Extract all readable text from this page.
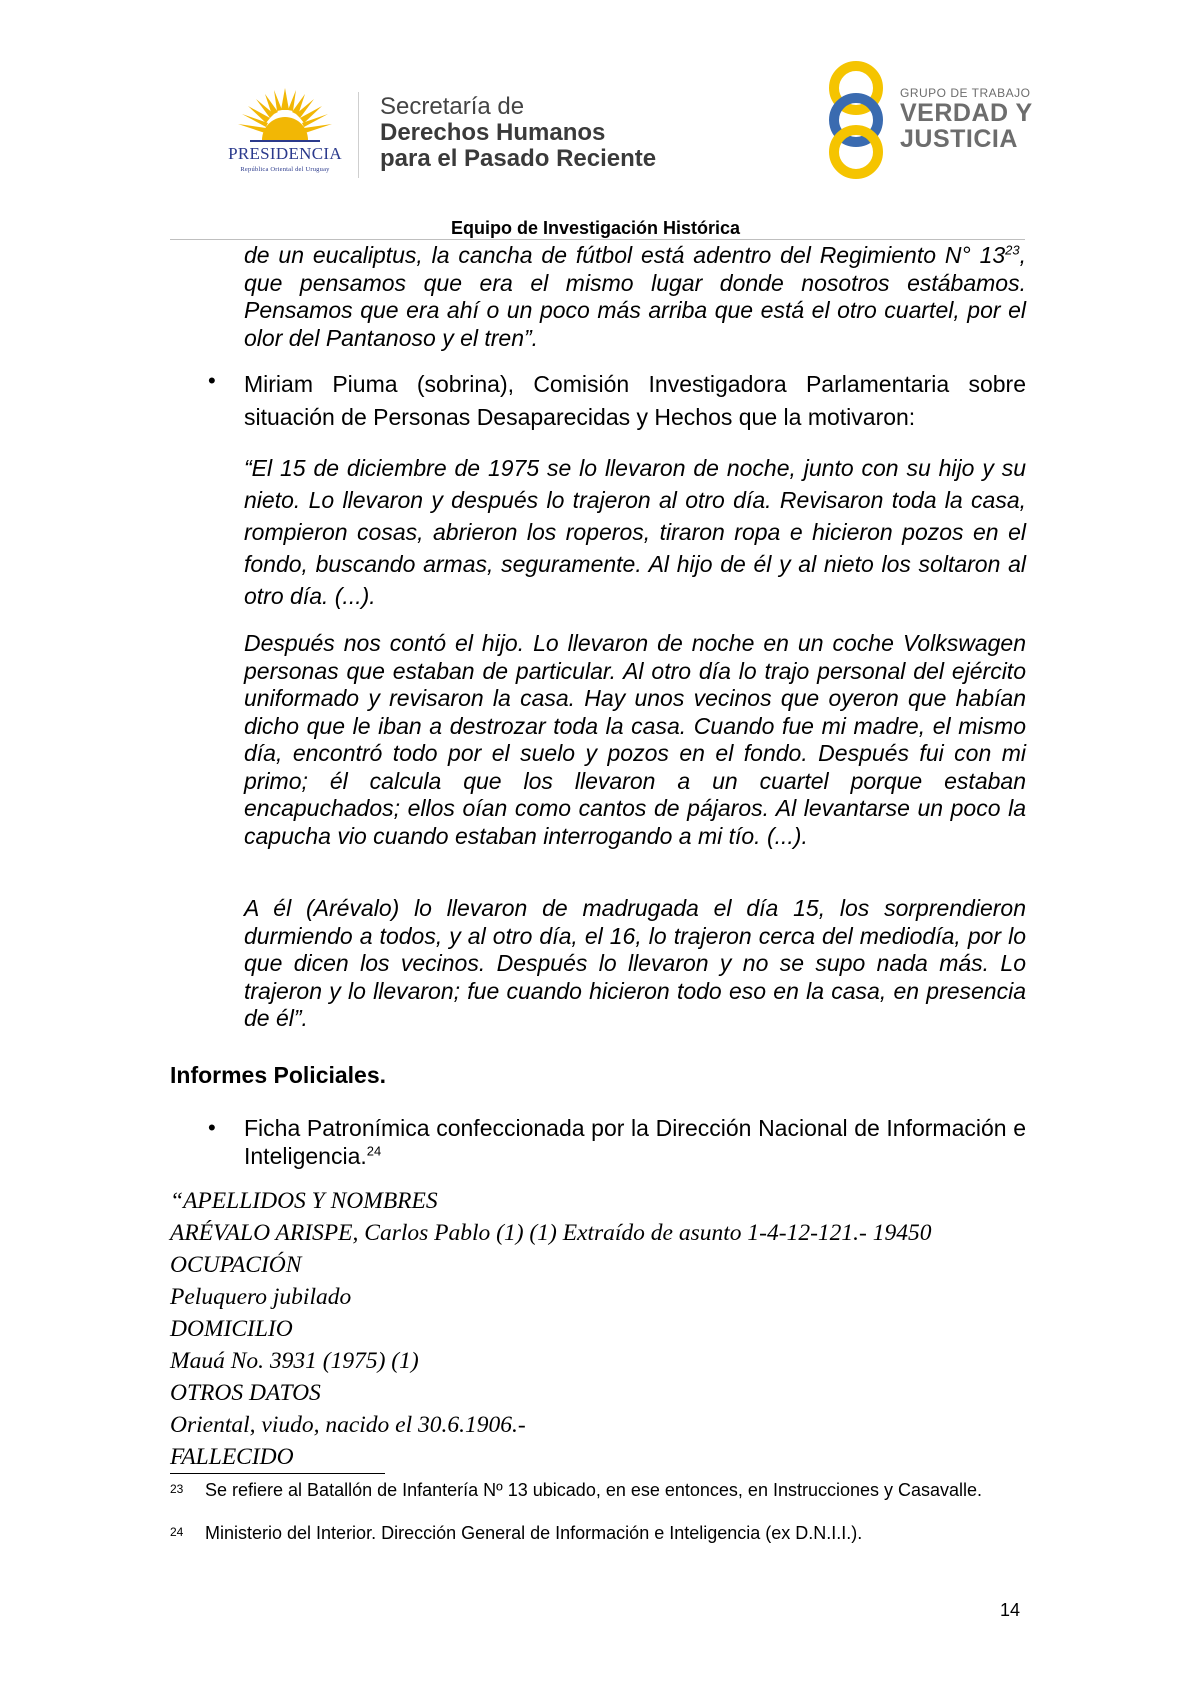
PRESIDENCIA
República Oriental del Uruguay
Secretaría de
Derechos Humanos
para el Pasado Reciente
GRUPO DE TRABAJO
VERDAD Y
JUSTICIA
Equipo de Investigación Histórica
de un eucaliptus, la cancha de fútbol está adentro del Regimiento N° $13^{23}$, que pensamos que era el mismo lugar donde nosotros estábamos. Pensamos que era ahí o un poco más arriba que está el otro cuartel, por el olor del Pantanoso y el tren”.
• Miriam Piuma (sobrina), Comisión Investigadora Parlamentaria sobre situación de Personas Desaparecidas y Hechos que la motivaron:
“El 15 de diciembre de 1975 se lo llevaron de noche, junto con su hijo y su nieto. Lo llevaron y después lo trajeron al otro día. Revisaron toda la casa, rompieron cosas, abrieron los roperos, tiraron ropa e hicieron pozos en el fondo, buscando armas, seguramente. Al hijo de él y al nieto los soltaron al otro día. (...).
Después nos contó el hijo. Lo llevaron de noche en un coche Volkswagen personas que estaban de particular. Al otro día lo trajo personal del ejército uniformado y revisaron la casa. Hay unos vecinos que oyeron que habían dicho que le iban a destrozar toda la casa. Cuando fue mi madre, el mismo día, encontró todo por el suelo y pozos en el fondo. Después fui con mi primo; él calcula que los llevaron a un cuartel porque estaban encapuchados; ellos oían como cantos de pájaros. Al levantarse un poco la capucha vio cuando estaban interrogando a mi tío. (...).
A él (Arévalo) lo llevaron de madrugada el día 15, los sorprendieron durmiendo a todos, y al otro día, el 16, lo trajeron cerca del mediodía, por lo que dicen los vecinos. Después lo llevaron y no se supo nada más. Lo trajeron y lo llevaron; fue cuando hicieron todo eso en la casa, en presencia de él”.
Informes Policiales.
• Ficha Patronímica confeccionada por la Dirección Nacional de Información e Inteligencia.$^{24}$
“APELLIDOS Y NOMBRES
ARÉVALO ARISPE, Carlos Pablo (1) (1) Extraído de asunto 1-4-12-121.- 19450
OCUPACIÓN
Peluquero jubilado
DOMICILIO
Mauá No. 3931 (1975) (1)
OTROS DATOS
Oriental, viudo, nacido el 30.6.1906.-
FALLECIDO
23 Se refiere al Batallón de Infantería Nº 13 ubicado, en ese entonces, en Instrucciones y Casavalle.
24 Ministerio del Interior. Dirección General de Información e Inteligencia (ex D.N.I.I.).
14
